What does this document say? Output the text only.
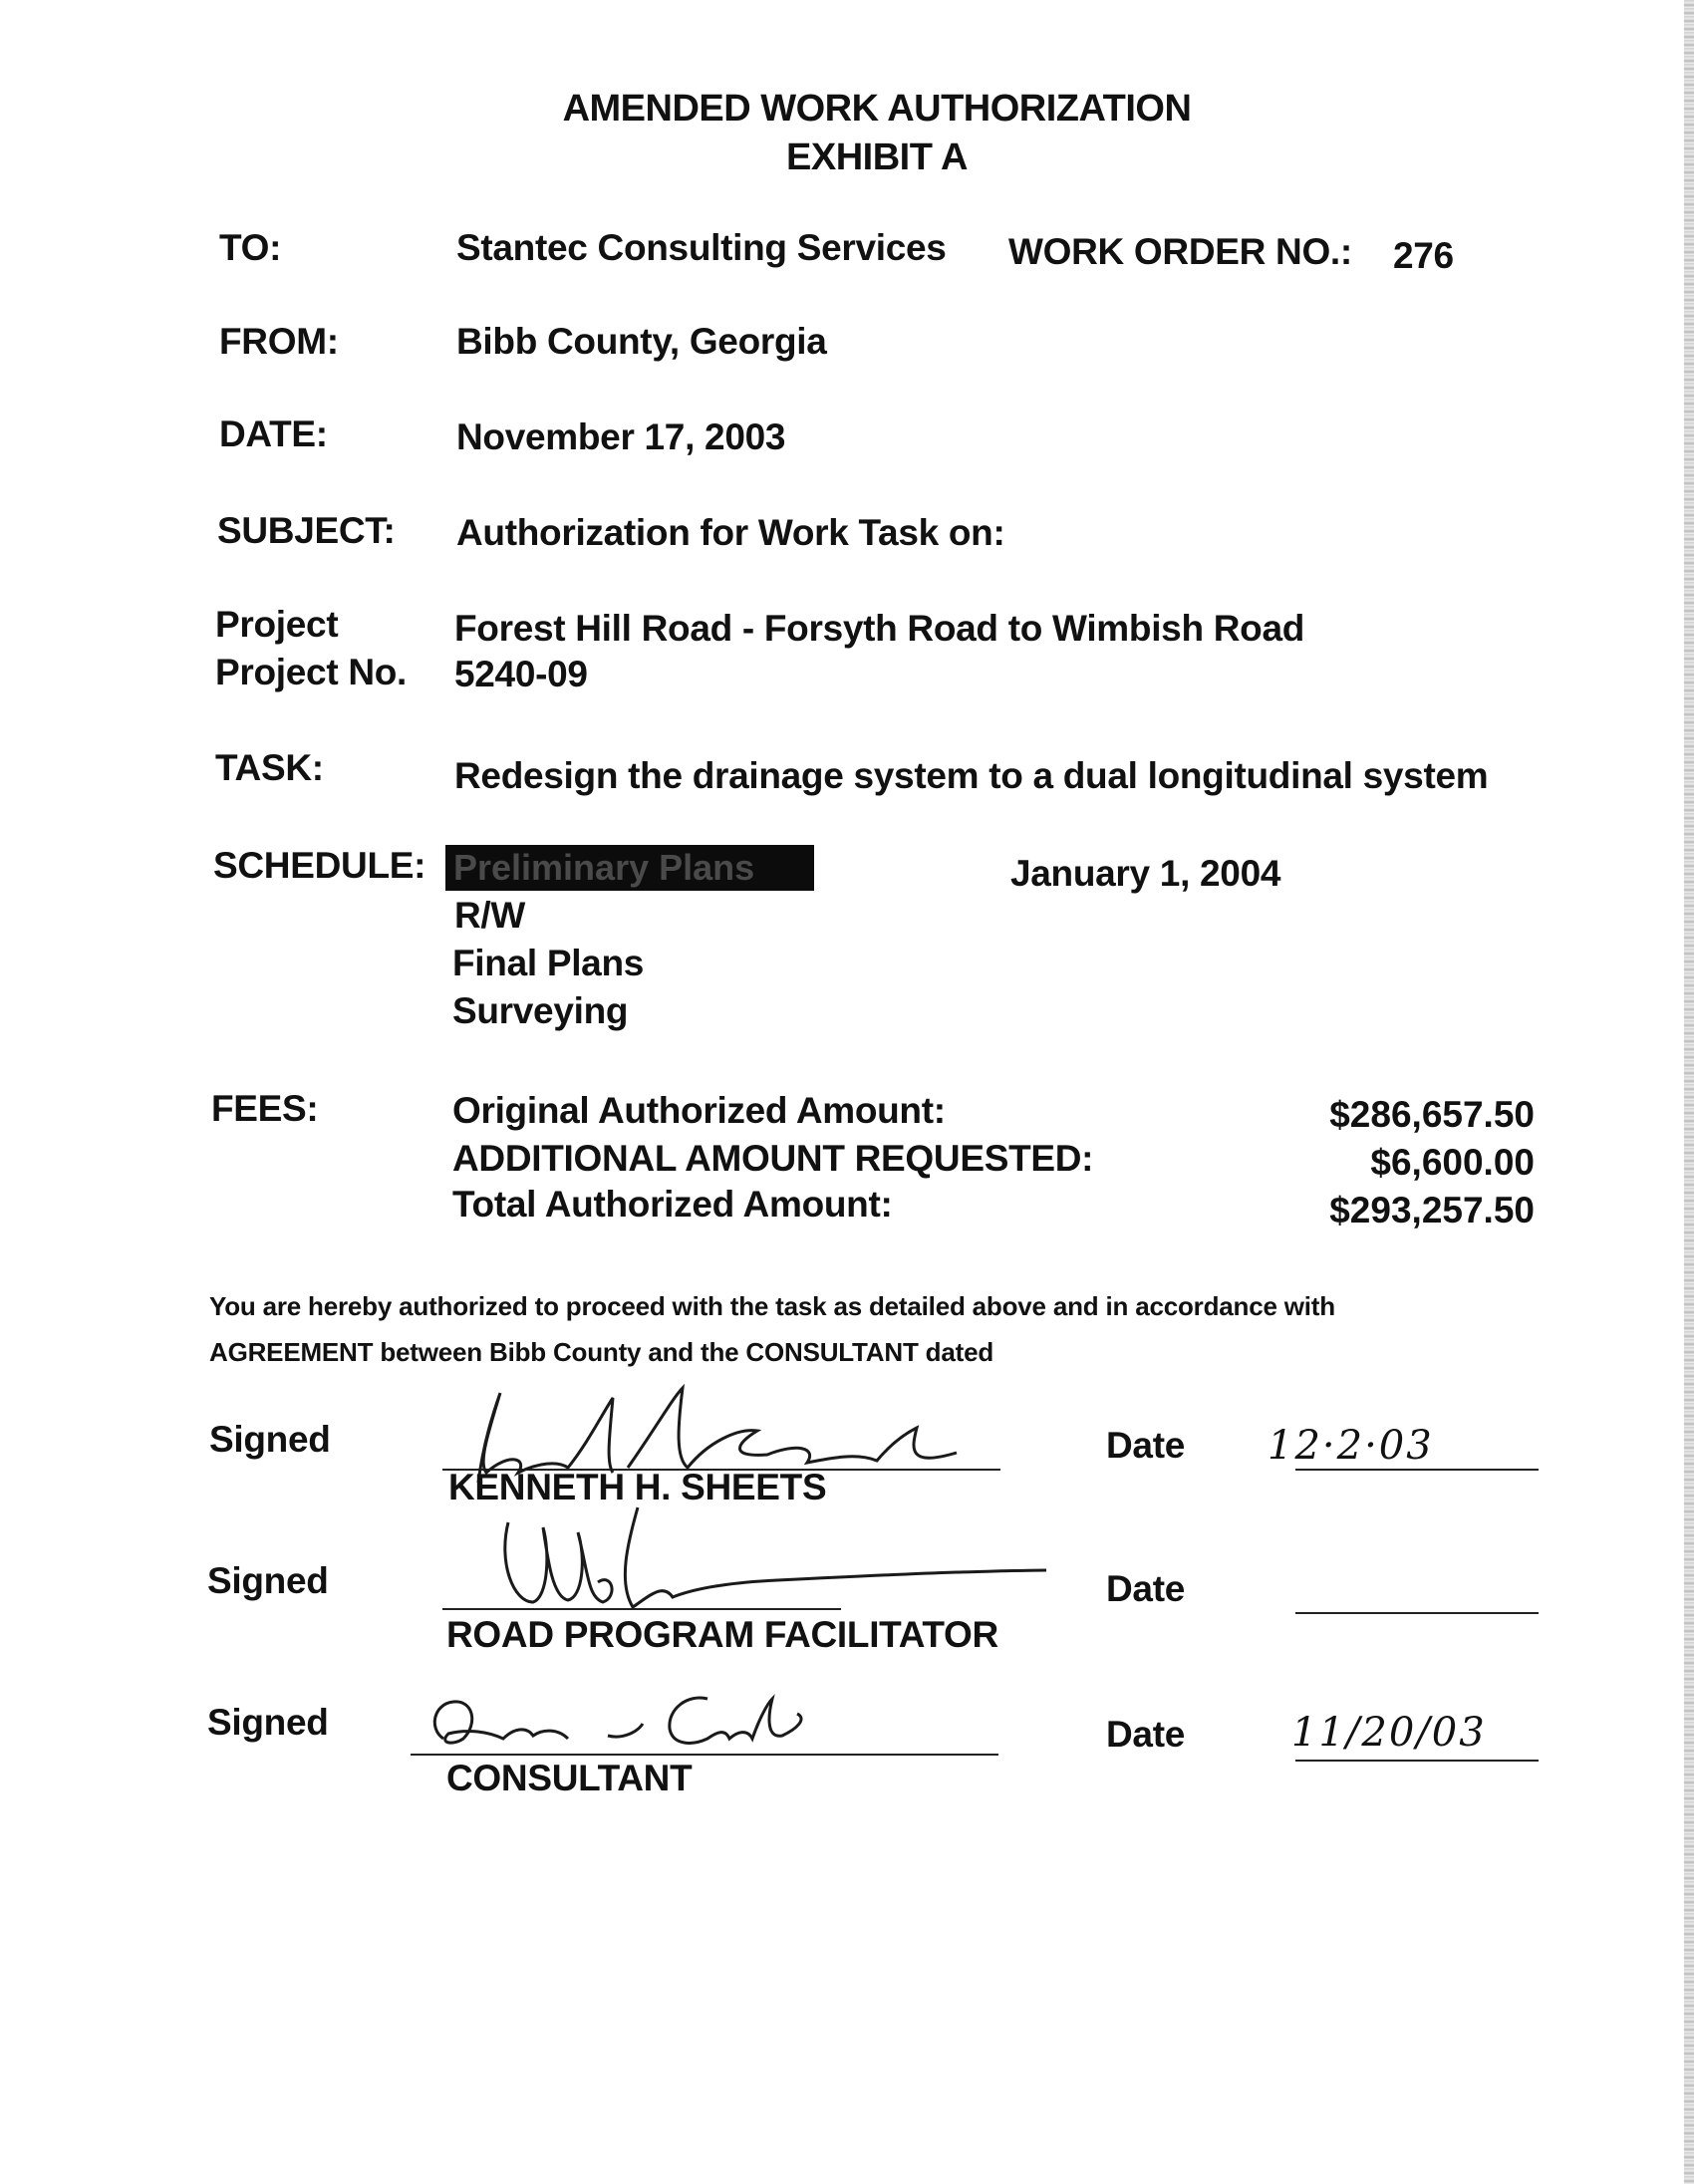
AMENDED WORK AUTHORIZATION
EXHIBIT A
TO:	Stantec Consulting Services WORK ORDER NO.: 276
FROM:	Bibb County, Georgia
DATE:	November 17, 2003
SUBJECT: Authorization for Work Task on:
Project	Forest Hill Road - Forsyth Road to Wimbish Road
Project No. 5240-09
TASK:	Redesign the drainage system to a dual longitudinal system
SCHEDULE: Preliminary Plans	January 1, 2004
R/W
Final Plans
Surveying
FEES:	Original Authorized Amount:	$286,657.50
ADDITIONAL AMOUNT REQUESTED:	$6,600.00
Total Authorized Amount:	$293,257.50
You are hereby authorized to proceed with the task as detailed above and in accordance with
AGREEMENT between Bibb County and the CONSULTANT dated
Signed
KENNETH H. SHEETS
Date 12·2·03
Signed
ROAD PROGRAM FACILITATOR
Date
Signed
CONSULTANT
Date	11/20/03
